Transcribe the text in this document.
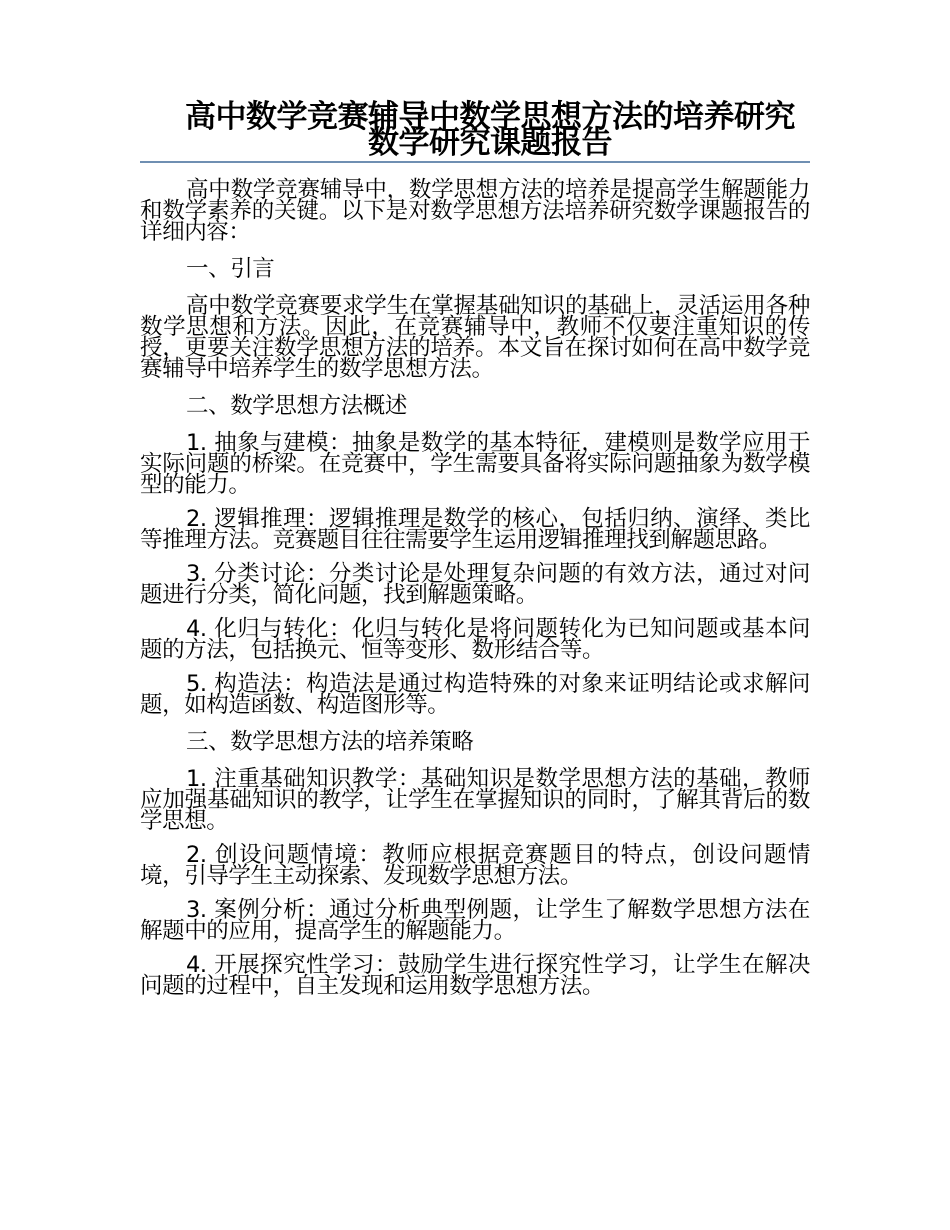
高中数学竞赛辅导中数学思想方法的培养研究数学研究课题报告

高中数学竞赛辅导中，数学思想方法的培养是提高学生解题能力和数学素养的关键。以下是对数学思想方法培养研究数学课题报告的详细内容：

一、引言

高中数学竞赛要求学生在掌握基础知识的基础上，灵活运用各种数学思想和方法。因此，在竞赛辅导中，教师不仅要注重知识的传授，更要关注数学思想方法的培养。本文旨在探讨如何在高中数学竞赛辅导中培养学生的数学思想方法。

二、数学思想方法概述

1. 抽象与建模：抽象是数学的基本特征，建模则是数学应用于实际问题的桥梁。在竞赛中，学生需要具备将实际问题抽象为数学模型的能力。

2. 逻辑推理：逻辑推理是数学的核心，包括归纳、演绎、类比等推理方法。竞赛题目往往需要学生运用逻辑推理找到解题思路。

3. 分类讨论：分类讨论是处理复杂问题的有效方法，通过对问题进行分类，简化问题，找到解题策略。

4. 化归与转化：化归与转化是将问题转化为已知问题或基本问题的方法，包括换元、恒等变形、数形结合等。

5. 构造法：构造法是通过构造特殊的对象来证明结论或求解问题，如构造函数、构造图形等。

三、数学思想方法的培养策略

1. 注重基础知识教学：基础知识是数学思想方法的基础，教师应加强基础知识的教学，让学生在掌握知识的同时，了解其背后的数学思想。

2. 创设问题情境：教师应根据竞赛题目的特点，创设问题情境，引导学生主动探索、发现数学思想方法。

3. 案例分析：通过分析典型例题，让学生了解数学思想方法在解题中的应用，提高学生的解题能力。

4. 开展探究性学习：鼓励学生进行探究性学习，让学生在解决问题的过程中，自主发现和运用数学思想方法。
